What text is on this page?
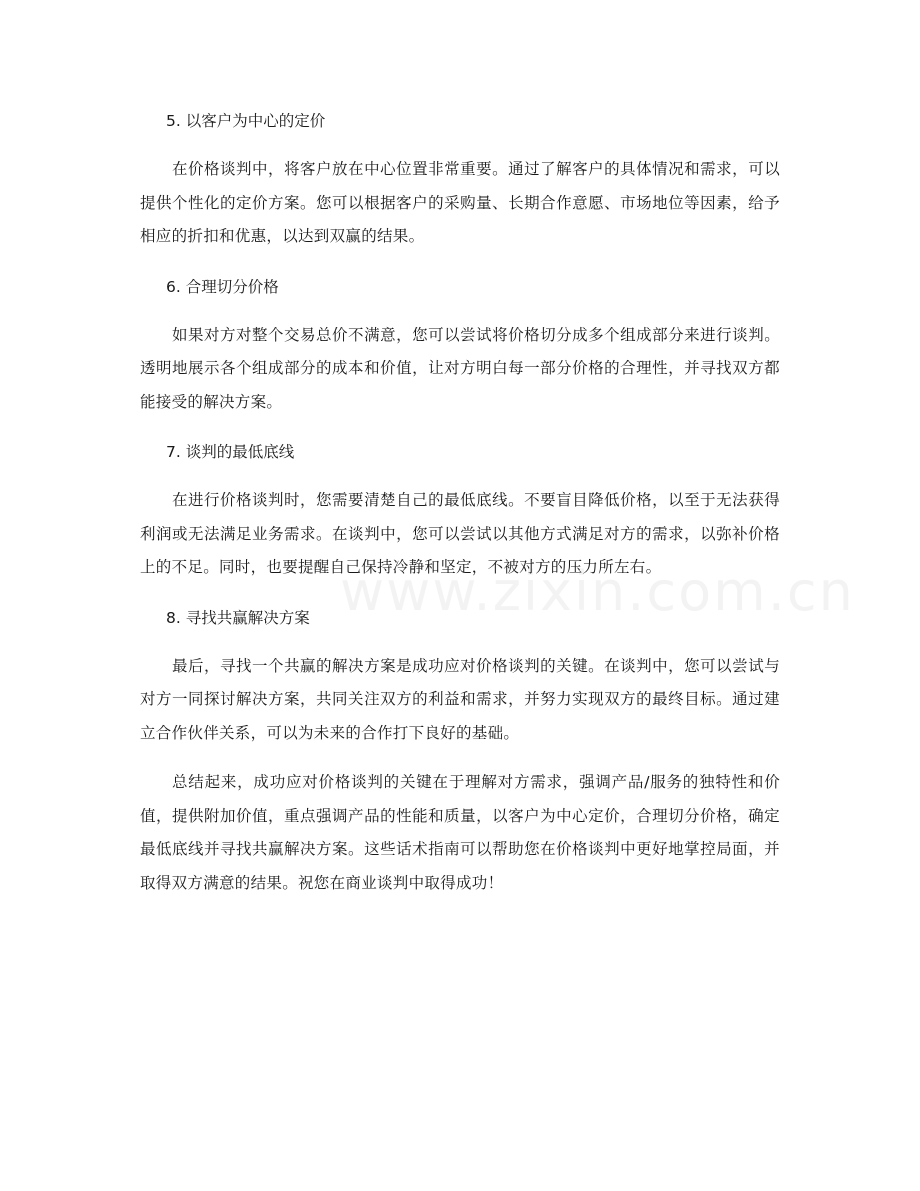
5. 以客户为中心的定价
在价格谈判中，将客户放在中心位置非常重要。通过了解客户的具体情况和需求，可以提供个性化的定价方案。您可以根据客户的采购量、长期合作意愿、市场地位等因素，给予相应的折扣和优惠，以达到双赢的结果。
6. 合理切分价格
如果对方对整个交易总价不满意，您可以尝试将价格切分成多个组成部分来进行谈判。透明地展示各个组成部分的成本和价值，让对方明白每一部分价格的合理性，并寻找双方都能接受的解决方案。
7. 谈判的最低底线
在进行价格谈判时，您需要清楚自己的最低底线。不要盲目降低价格，以至于无法获得利润或无法满足业务需求。在谈判中，您可以尝试以其他方式满足对方的需求，以弥补价格上的不足。同时，也要提醒自己保持冷静和坚定，不被对方的压力所左右。
8. 寻找共赢解决方案
最后，寻找一个共赢的解决方案是成功应对价格谈判的关键。在谈判中，您可以尝试与对方一同探讨解决方案，共同关注双方的利益和需求，并努力实现双方的最终目标。通过建立合作伙伴关系，可以为未来的合作打下良好的基础。
总结起来，成功应对价格谈判的关键在于理解对方需求，强调产品/服务的独特性和价值，提供附加价值，重点强调产品的性能和质量，以客户为中心定价，合理切分价格，确定最低底线并寻找共赢解决方案。这些话术指南可以帮助您在价格谈判中更好地掌控局面，并取得双方满意的结果。祝您在商业谈判中取得成功！
